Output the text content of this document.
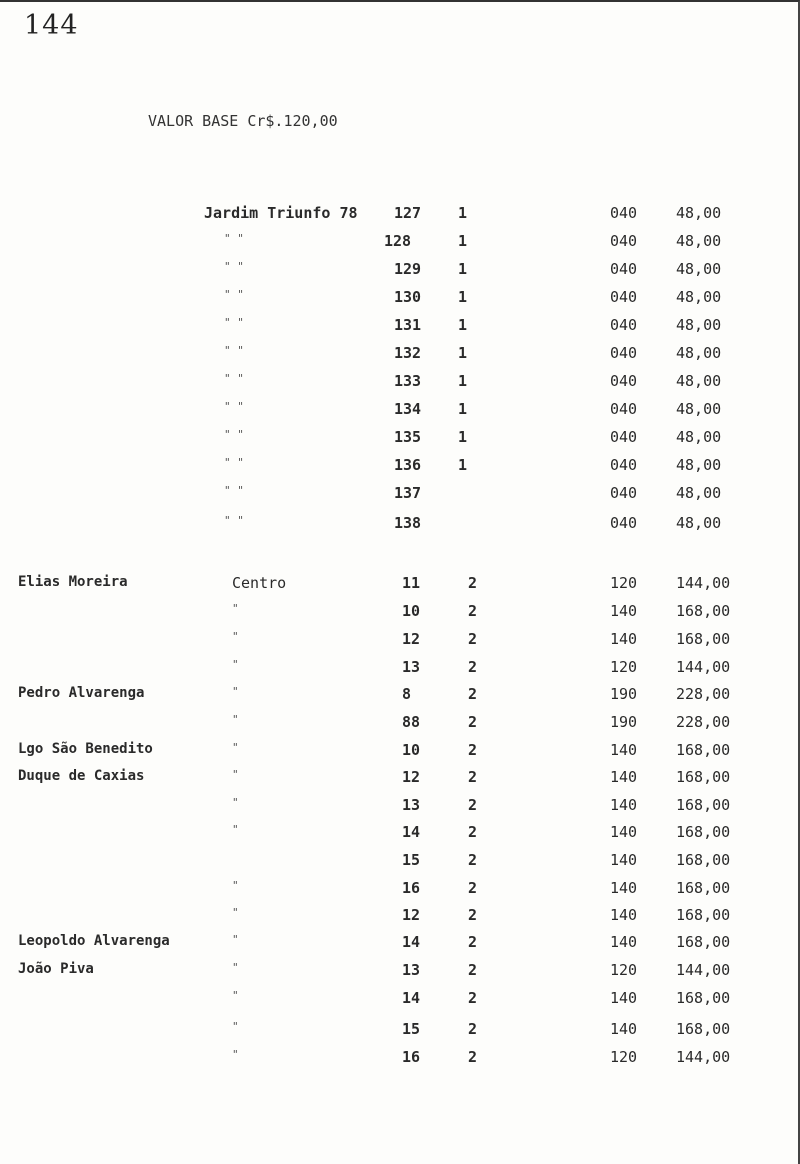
144
VALOR BASE Cr$.120,00
Jardim Triunfo 78 127 1	040	48,00
" "	128	1	040	48,00
" "	129 1	040	48,00
" "	130 1	040	48,00
" "	131 1	040	48,00
" "	132 1	040	48,00
" "	133 1	040	48,00
" "	134 1	040	48,00
" "	135 1	040	48,00
" "	136 1	040	48,00
" "	137	040	48,00
" "	138	040	48,00
Elias Moreira	Centro	11	2	120	144,00
"	10	2	140	168,00
"	12	2	140	168,00
"	13	2	120	144,00
Pedro Alvarenga	"	8	2	190	228,00
"	88	2	190	228,00
Lgo São Benedito	"	10	2	140	168,00
Duque de Caxias	"	12	2	140	168,00
"	13	2	140	168,00
"	14	2	140	168,00
15	2	140	168,00
"	16	2	140	168,00
"	12	2	140	168,00
Leopoldo Alvarenga	"	14	2	140	168,00
João Piva	"	13	2	120	144,00
"	14	2	140	168,00
"	15	2	140	168,00
"	16	2	120	144,00
